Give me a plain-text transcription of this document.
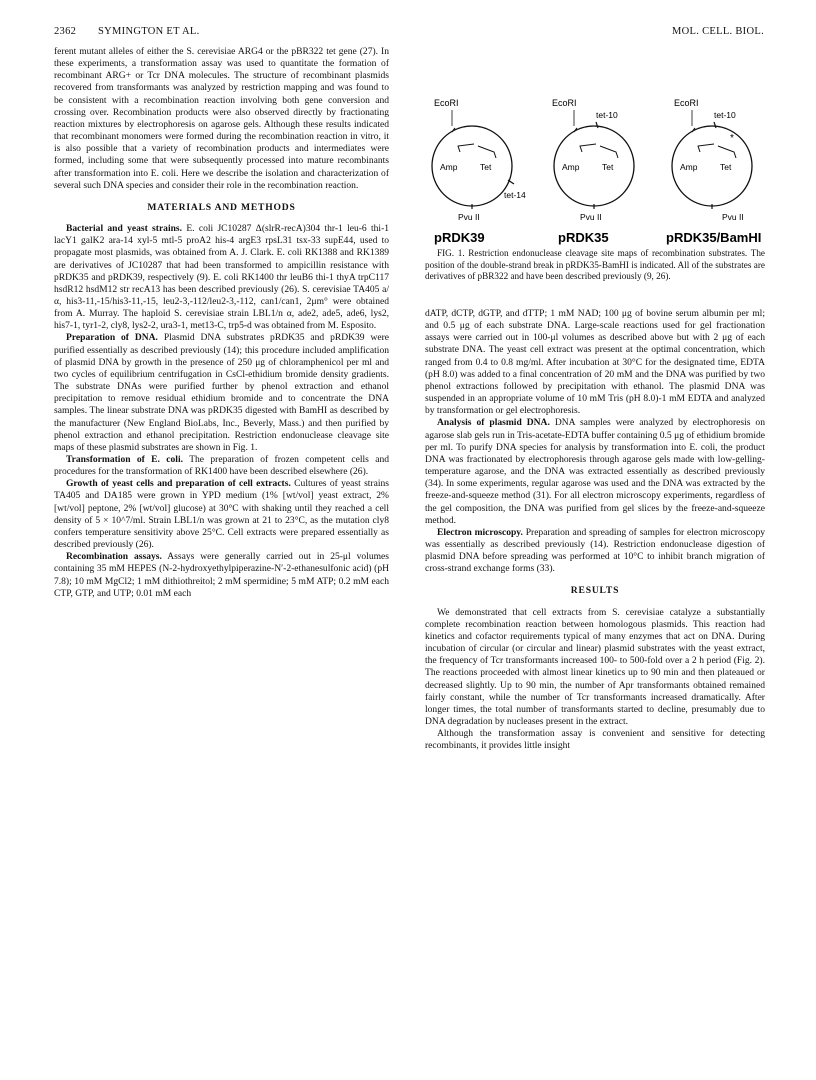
2362 SYMINGTON ET AL.	MOL. CELL. BIOL.

ferent mutant alleles of either the S. cerevisiae ARG4 or the pBR322 tet gene (27). In these experiments, a transformation assay was used to quantitate the formation of recombinant ARG+ or Tcr DNA molecules. The structure of recombinant plasmids recovered from transformants was analyzed by restriction mapping and was found to be consistent with a recombination reaction involving both gene conversion and crossing over. Recombination products were also observed directly by fractionating reaction mixtures by electrophoresis on agarose gels. Although these results indicated that recombinant monomers were formed during the recombination reaction in vitro, it is also possible that a variety of recombination products and intermediates were formed, including some that were subsequently processed into mature recombinants after transformation into E. coli. Here we describe the isolation and characterization of several such DNA species and consider their role in the recombination reaction.

MATERIALS AND METHODS

Bacterial and yeast strains. E. coli JC10287 Δ(slrR-recA)304 thr-1 leu-6 thi-1 lacY1 galK2 ara-14 xyl-5 mtl-5 proA2 his-4 argE3 rpsL31 tsx-33 supE44, used to propagate most plasmids, was obtained from A. J. Clark. E. coli RK1388 and RK1389 are derivatives of JC10287 that had been transformed to ampicillin resistance with pRDK35 and pRDK39, respectively (9). E. coli RK1400 thr leuB6 thi-1 thyA trpC117 hsdR12 hsdM12 str recA13 has been described previously (26). S. cerevisiae TA405 a/α, his3-11,-15/his3-11,-15, leu2-3,-112/leu2-3,-112, can1/can1, 2μm° were obtained from A. Murray. The haploid S. cerevisiae strain LBL1/n α, ade2, ade5, ade6, lys2, his7-1, tyr1-2, cly8, lys2-2, ura3-1, met13-C, trp5-d was obtained from M. Esposito.

Preparation of DNA. Plasmid DNA substrates pRDK35 and pRDK39 were purified essentially as described previously (14); this procedure included amplification of plasmid DNA by growth in the presence of 250 μg of chloramphenicol per ml and two cycles of equilibrium centrifugation in CsCl-ethidium bromide density gradients. The substrate DNAs were purified further by phenol extraction and ethanol precipitation to remove residual ethidium bromide and to concentrate the DNA samples. The linear substrate DNA was pRDK35 digested with BamHI as described by the manufacturer (New England BioLabs, Inc., Beverly, Mass.) and then purified by phenol extraction and ethanol precipitation. Restriction endonuclease cleavage site maps of these plasmid substrates are shown in Fig. 1.

Transformation of E. coli. The preparation of frozen competent cells and procedures for the transformation of RK1400 have been described elsewhere (26).

Growth of yeast cells and preparation of cell extracts. Cultures of yeast strains TA405 and DA185 were grown in YPD medium (1% [wt/vol] yeast extract, 2% [wt/vol] peptone, 2% [wt/vol] glucose) at 30°C with shaking until they reached a cell density of 5 × 10^7/ml. Strain LBL1/n was grown at 21 to 23°C, as the mutation cly8 confers temperature sensitivity above 25°C. Cell extracts were prepared essentially as described previously (26).

Recombination assays. Assays were generally carried out in 25-μl volumes containing 35 mM HEPES (N-2-hydroxyethylpiperazine-N′-2-ethanesulfonic acid) (pH 7.8); 10 mM MgCl2; 1 mM dithiothreitol; 2 mM spermidine; 5 mM ATP; 0.2 mM each CTP, GTP, and UTP; 0.01 mM each

EcoRI
Amp	Tet
tet-14
Pvu II
pRDK39
EcoRI
tet-10
Amp	Tet
Pvu II
pRDK35
EcoRI
tet-10
*
Amp	Tet
Pvu II
pRDK35/BamHI

FIG. 1. Restriction endonuclease cleavage site maps of recombination substrates. The position of the double-strand break in pRDK35-BamHI is indicated. All of the substrates are derivatives of pBR322 and have been described previously (9, 26).

dATP, dCTP, dGTP, and dTTP; 1 mM NAD; 100 μg of bovine serum albumin per ml; and 0.5 μg of each substrate DNA. Large-scale reactions used for gel fractionation assays were carried out in 100-μl volumes as described above but with 2 μg of each substrate DNA. The yeast cell extract was present at the optimal concentration, which ranged from 0.4 to 0.8 mg/ml. After incubation at 30°C for the designated time, EDTA (pH 8.0) was added to a final concentration of 20 mM and the DNA was purified by two phenol extractions followed by precipitation with ethanol. The plasmid DNA was suspended in an appropriate volume of 10 mM Tris (pH 8.0)-1 mM EDTA and analyzed by transformation or gel electrophoresis.

Analysis of plasmid DNA. DNA samples were analyzed by electrophoresis on agarose slab gels run in Tris-acetate-EDTA buffer containing 0.5 μg of ethidium bromide per ml. To purify DNA species for analysis by transformation into E. coli, the product DNA was fractionated by electrophoresis through agarose gels made with low-gelling-temperature agarose, and the DNA was extracted essentially as described previously (34). In some experiments, regular agarose was used and the DNA was extracted by the freeze-and-squeeze method (31). For all electron microscopy experiments, regardless of the gel composition, the DNA was purified from gel slices by the freeze-and-squeeze method.

Electron microscopy. Preparation and spreading of samples for electron microscopy was essentially as described previously (14). Restriction endonuclease digestion of plasmid DNA before spreading was performed at 10°C to inhibit branch migration of cross-strand exchange forms (33).

RESULTS

We demonstrated that cell extracts from S. cerevisiae catalyze a substantially complete recombination reaction between homologous plasmids. This reaction had kinetics and cofactor requirements typical of many enzymes that act on DNA. During incubation of circular (or circular and linear) plasmid substrates with the yeast extract, the frequency of Tcr transformants increased 100- to 500-fold over a 2 h period (Fig. 2). The reactions proceeded with almost linear kinetics up to 90 min and then plateaued or decreased slightly. Up to 90 min, the number of Apr transformants obtained remained fairly constant, while the number of Tcr transformants increased dramatically. After longer times, the total number of transformants started to decline, presumably due to DNA degradation by nucleases present in the extract.

Although the transformation assay is convenient and sensitive for detecting recombinants, it provides little insight
